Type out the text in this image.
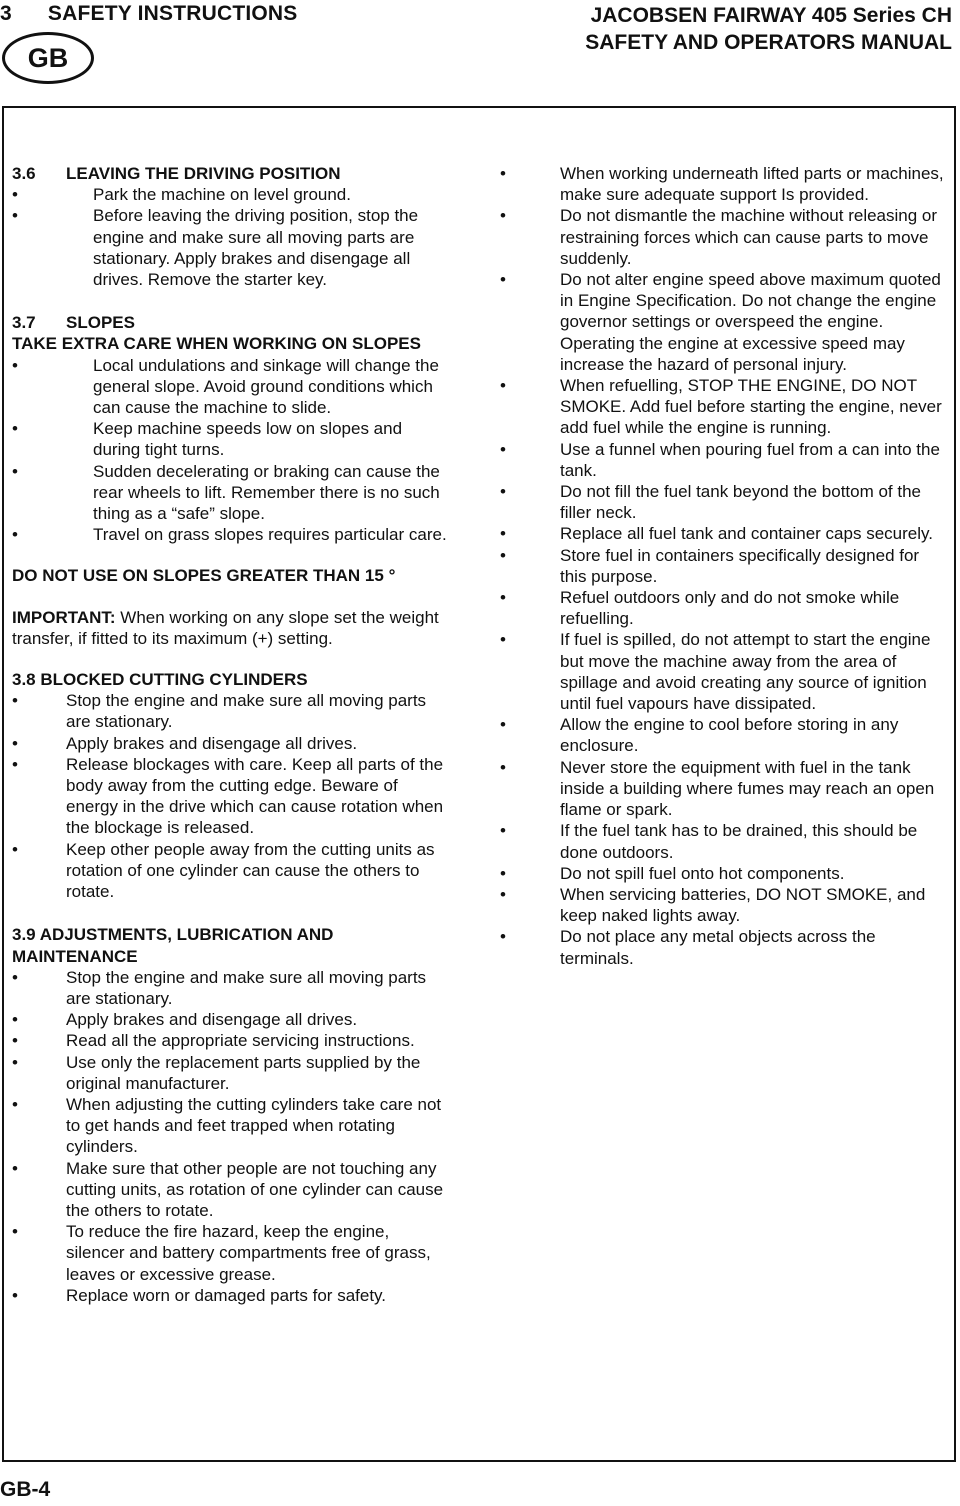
3 SAFETY INSTRUCTIONS	JACOBSEN FAIRWAY 405 Series CH
SAFETY AND OPERATORS MANUAL
GB
3.6	LEAVING THE DRIVING POSITION
•	Park the machine on level ground.
•	Before leaving the driving position, stop the engine and make sure all moving parts are stationary. Apply brakes and disengage all drives. Remove the starter key.
3.7	SLOPES
TAKE EXTRA CARE WHEN WORKING ON SLOPES
•	Local undulations and sinkage will change the general slope. Avoid ground conditions which can cause the machine to slide.
•	Keep machine speeds low on slopes and during tight turns.
•	Sudden decelerating or braking can cause the rear wheels to lift. Remember there is no such thing as a “safe” slope.
•	Travel on grass slopes requires particular care.
DO NOT USE ON SLOPES GREATER THAN 15 °
IMPORTANT: When working on any slope set the weight transfer, if fitted to its maximum (+) setting.
3.8 BLOCKED CUTTING CYLINDERS
•	Stop the engine and make sure all moving parts are stationary.
•	Apply brakes and disengage all drives.
•	Release blockages with care. Keep all parts of the body away from the cutting edge. Beware of energy in the drive which can cause rotation when the blockage is released.
•	Keep other people away from the cutting units as rotation of one cylinder can cause the others to rotate.
3.9 ADJUSTMENTS, LUBRICATION AND MAINTENANCE
•	Stop the engine and make sure all moving parts are stationary.
•	Apply brakes and disengage all drives.
•	Read all the appropriate servicing instructions.
•	Use only the replacement parts supplied by the original manufacturer.
•	When adjusting the cutting cylinders take care not to get hands and feet trapped when rotating cylinders.
•	Make sure that other people are not touching any cutting units, as rotation of one cylinder can cause the others to rotate.
•	To reduce the fire hazard, keep the engine, silencer and battery compartments free of grass, leaves or excessive grease.
•	Replace worn or damaged parts for safety.
•	When working underneath lifted parts or machines, make sure adequate support Is provided.
•	Do not dismantle the machine without releasing or restraining forces which can cause parts to move suddenly.
•	Do not alter engine speed above maximum quoted in Engine Specification. Do not change the engine governor settings or overspeed the engine. Operating the engine at excessive speed may increase the hazard of personal injury.
•	When refuelling, STOP THE ENGINE, DO NOT SMOKE. Add fuel before starting the engine, never add fuel while the engine is running.
•	Use a funnel when pouring fuel from a can into the tank.
•	Do not fill the fuel tank beyond the bottom of the filler neck.
•	Replace all fuel tank and container caps securely.
•	Store fuel in containers specifically designed for this purpose.
•	Refuel outdoors only and do not smoke while refuelling.
•	If fuel is spilled, do not attempt to start the engine but move the machine away from the area of spillage and avoid creating any source of ignition until fuel vapours have dissipated.
•	Allow the engine to cool before storing in any enclosure.
•	Never store the equipment with fuel in the tank inside a building where fumes may reach an open flame or spark.
•	If the fuel tank has to be drained, this should be done outdoors.
•	Do not spill fuel onto hot components.
•	When servicing batteries, DO NOT SMOKE, and keep naked lights away.
•	Do not place any metal objects across the terminals.
GB-4
